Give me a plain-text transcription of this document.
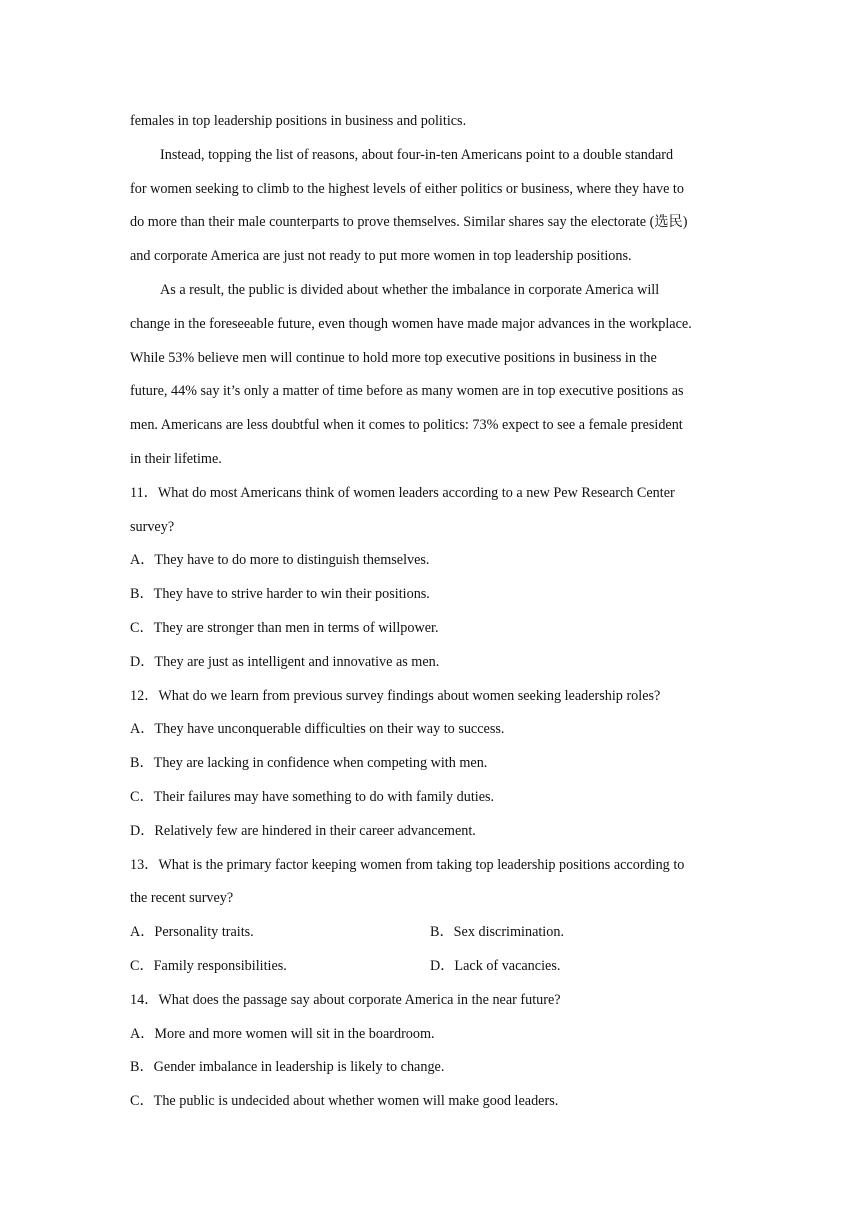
females in top leadership positions in business and politics.
Instead, topping the list of reasons, about four-in-ten Americans point to a double standard
for women seeking to climb to the highest levels of either politics or business, where they have to
do more than their male counterparts to prove themselves. Similar shares say the electorate (选民)
and corporate America are just not ready to put more women in top leadership positions.
As a result, the public is divided about whether the imbalance in corporate America will
change in the foreseeable future, even though women have made major advances in the workplace.
While 53% believe men will continue to hold more top executive positions in business in the
future, 44% say it’s only a matter of time before as many women are in top executive positions as
men. Americans are less doubtful when it comes to politics: 73% expect to see a female president
in their lifetime.
11．What do most Americans think of women leaders according to a new Pew Research Center
survey?
A．They have to do more to distinguish themselves.
B．They have to strive harder to win their positions.
C．They are stronger than men in terms of willpower.
D．They are just as intelligent and innovative as men.
12．What do we learn from previous survey findings about women seeking leadership roles?
A．They have unconquerable difficulties on their way to success.
B．They are lacking in confidence when competing with men.
C．Their failures may have something to do with family duties.
D．Relatively few are hindered in their career advancement.
13．What is the primary factor keeping women from taking top leadership positions according to
the recent survey?
A．Personality traits.	B．Sex discrimination.
C．Family responsibilities.	D．Lack of vacancies.
14．What does the passage say about corporate America in the near future?
A．More and more women will sit in the boardroom.
B．Gender imbalance in leadership is likely to change.
C．The public is undecided about whether women will make good leaders.
